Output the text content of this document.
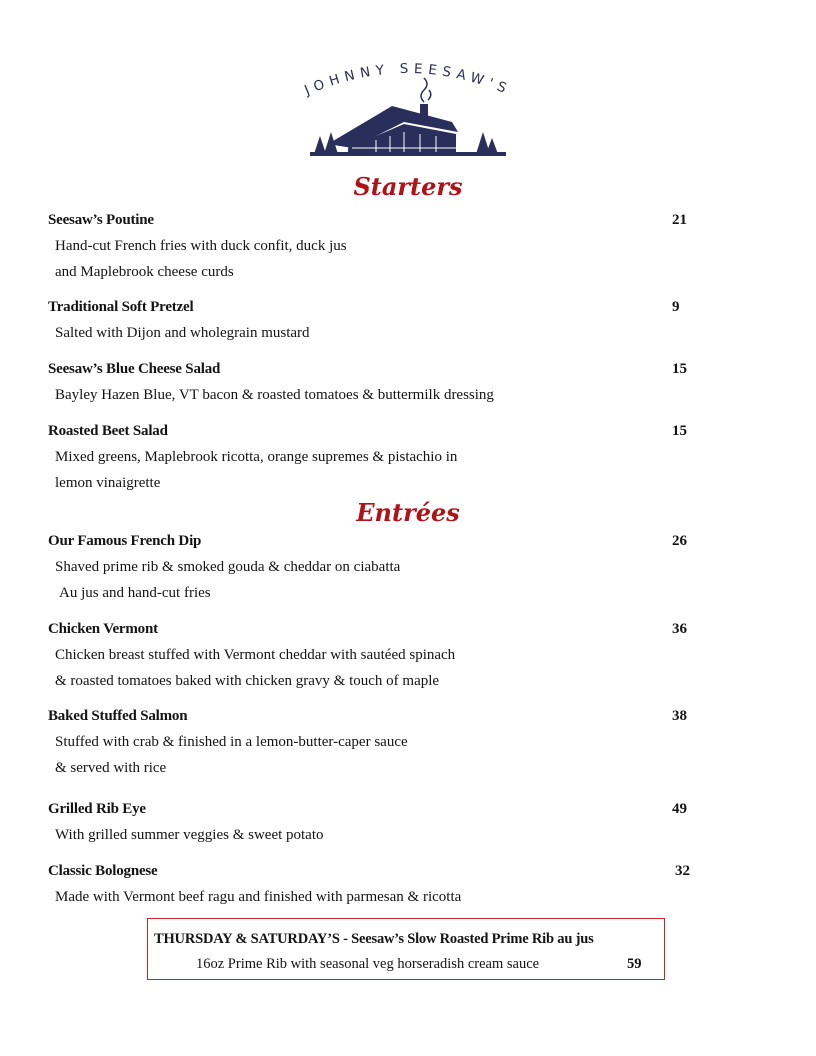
JOHNNY SEESAW'S
Starters
Seesaw’s Poutine	21
Hand-cut French fries with duck confit, duck jus
and Maplebrook cheese curds
Traditional Soft Pretzel	9
Salted with Dijon and wholegrain mustard
Seesaw’s Blue Cheese Salad	15
Bayley Hazen Blue, VT bacon & roasted tomatoes & buttermilk dressing
Roasted Beet Salad	15
Mixed greens, Maplebrook ricotta, orange supremes & pistachio in
lemon vinaigrette
Entrées
Our Famous French Dip	26
Shaved prime rib & smoked gouda & cheddar on ciabatta
Au jus and hand-cut fries
Chicken Vermont	36
Chicken breast stuffed with Vermont cheddar with sautéed spinach
& roasted tomatoes baked with chicken gravy & touch of maple
Baked Stuffed Salmon	38
Stuffed with crab & finished in a lemon-butter-caper sauce
& served with rice
Grilled Rib Eye	49
With grilled summer veggies & sweet potato
Classic Bolognese	32
Made with Vermont beef ragu and finished with parmesan & ricotta
THURSDAY & SATURDAY’S - Seesaw’s Slow Roasted Prime Rib au jus
16oz Prime Rib with seasonal veg horseradish cream sauce	59
